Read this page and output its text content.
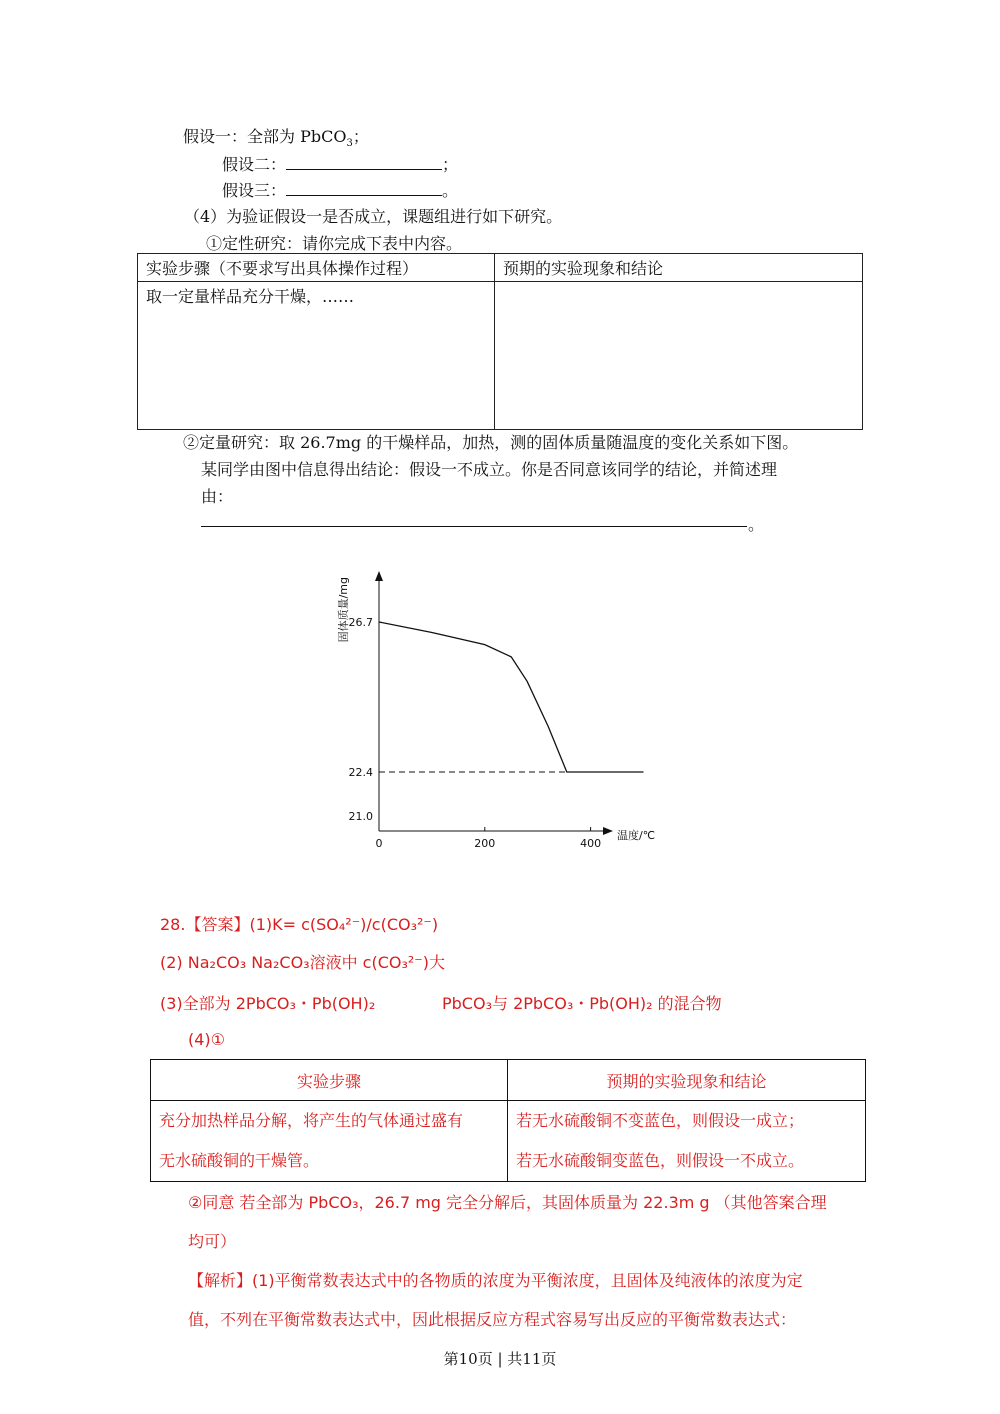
假设一：全部为 PbCO$_3$；
假设二：	；
假设三：	。
（4）为验证假设一是否成立，课题组进行如下研究。
①定性研究：请你完成下表中内容。
实验步骤（不要求写出具体操作过程）	预期的实验现象和结论
取一定量样品充分干燥，……	
②定量研究：取 26.7mg 的干燥样品，加热，测的固体质量随温度的变化关系如下图。
某同学由图中信息得出结论：假设一不成立。你是否同意该同学的结论，并简述理
由：
。
0	200	400
26.7
22.4
21.0
温度/℃
固体质量/mg
28.【答案】(1)K= c(SO₄²⁻)/c(CO₃²⁻)
(2) Na₂CO₃ Na₂CO₃溶液中 c(CO₃²⁻)大
(3)全部为 2PbCO₃・Pb(OH)₂	PbCO₃与 2PbCO₃・Pb(OH)₂ 的混合物
(4)①
实验步骤	预期的实验现象和结论

充分加热样品分解，将产生的气体通过盛有	若无水硫酸铜不变蓝色，则假设一成立；

无水硫酸铜的干燥管。	若无水硫酸铜变蓝色，则假设一不成立。
②同意 若全部为 PbCO₃，26.7 mg 完全分解后，其固体质量为 22.3m g （其他答案合理
均可）
【解析】(1)平衡常数表达式中的各物质的浓度为平衡浓度，且固体及纯液体的浓度为定
值，不列在平衡常数表达式中，因此根据反应方程式容易写出反应的平衡常数表达式：
第10页 | 共11页
